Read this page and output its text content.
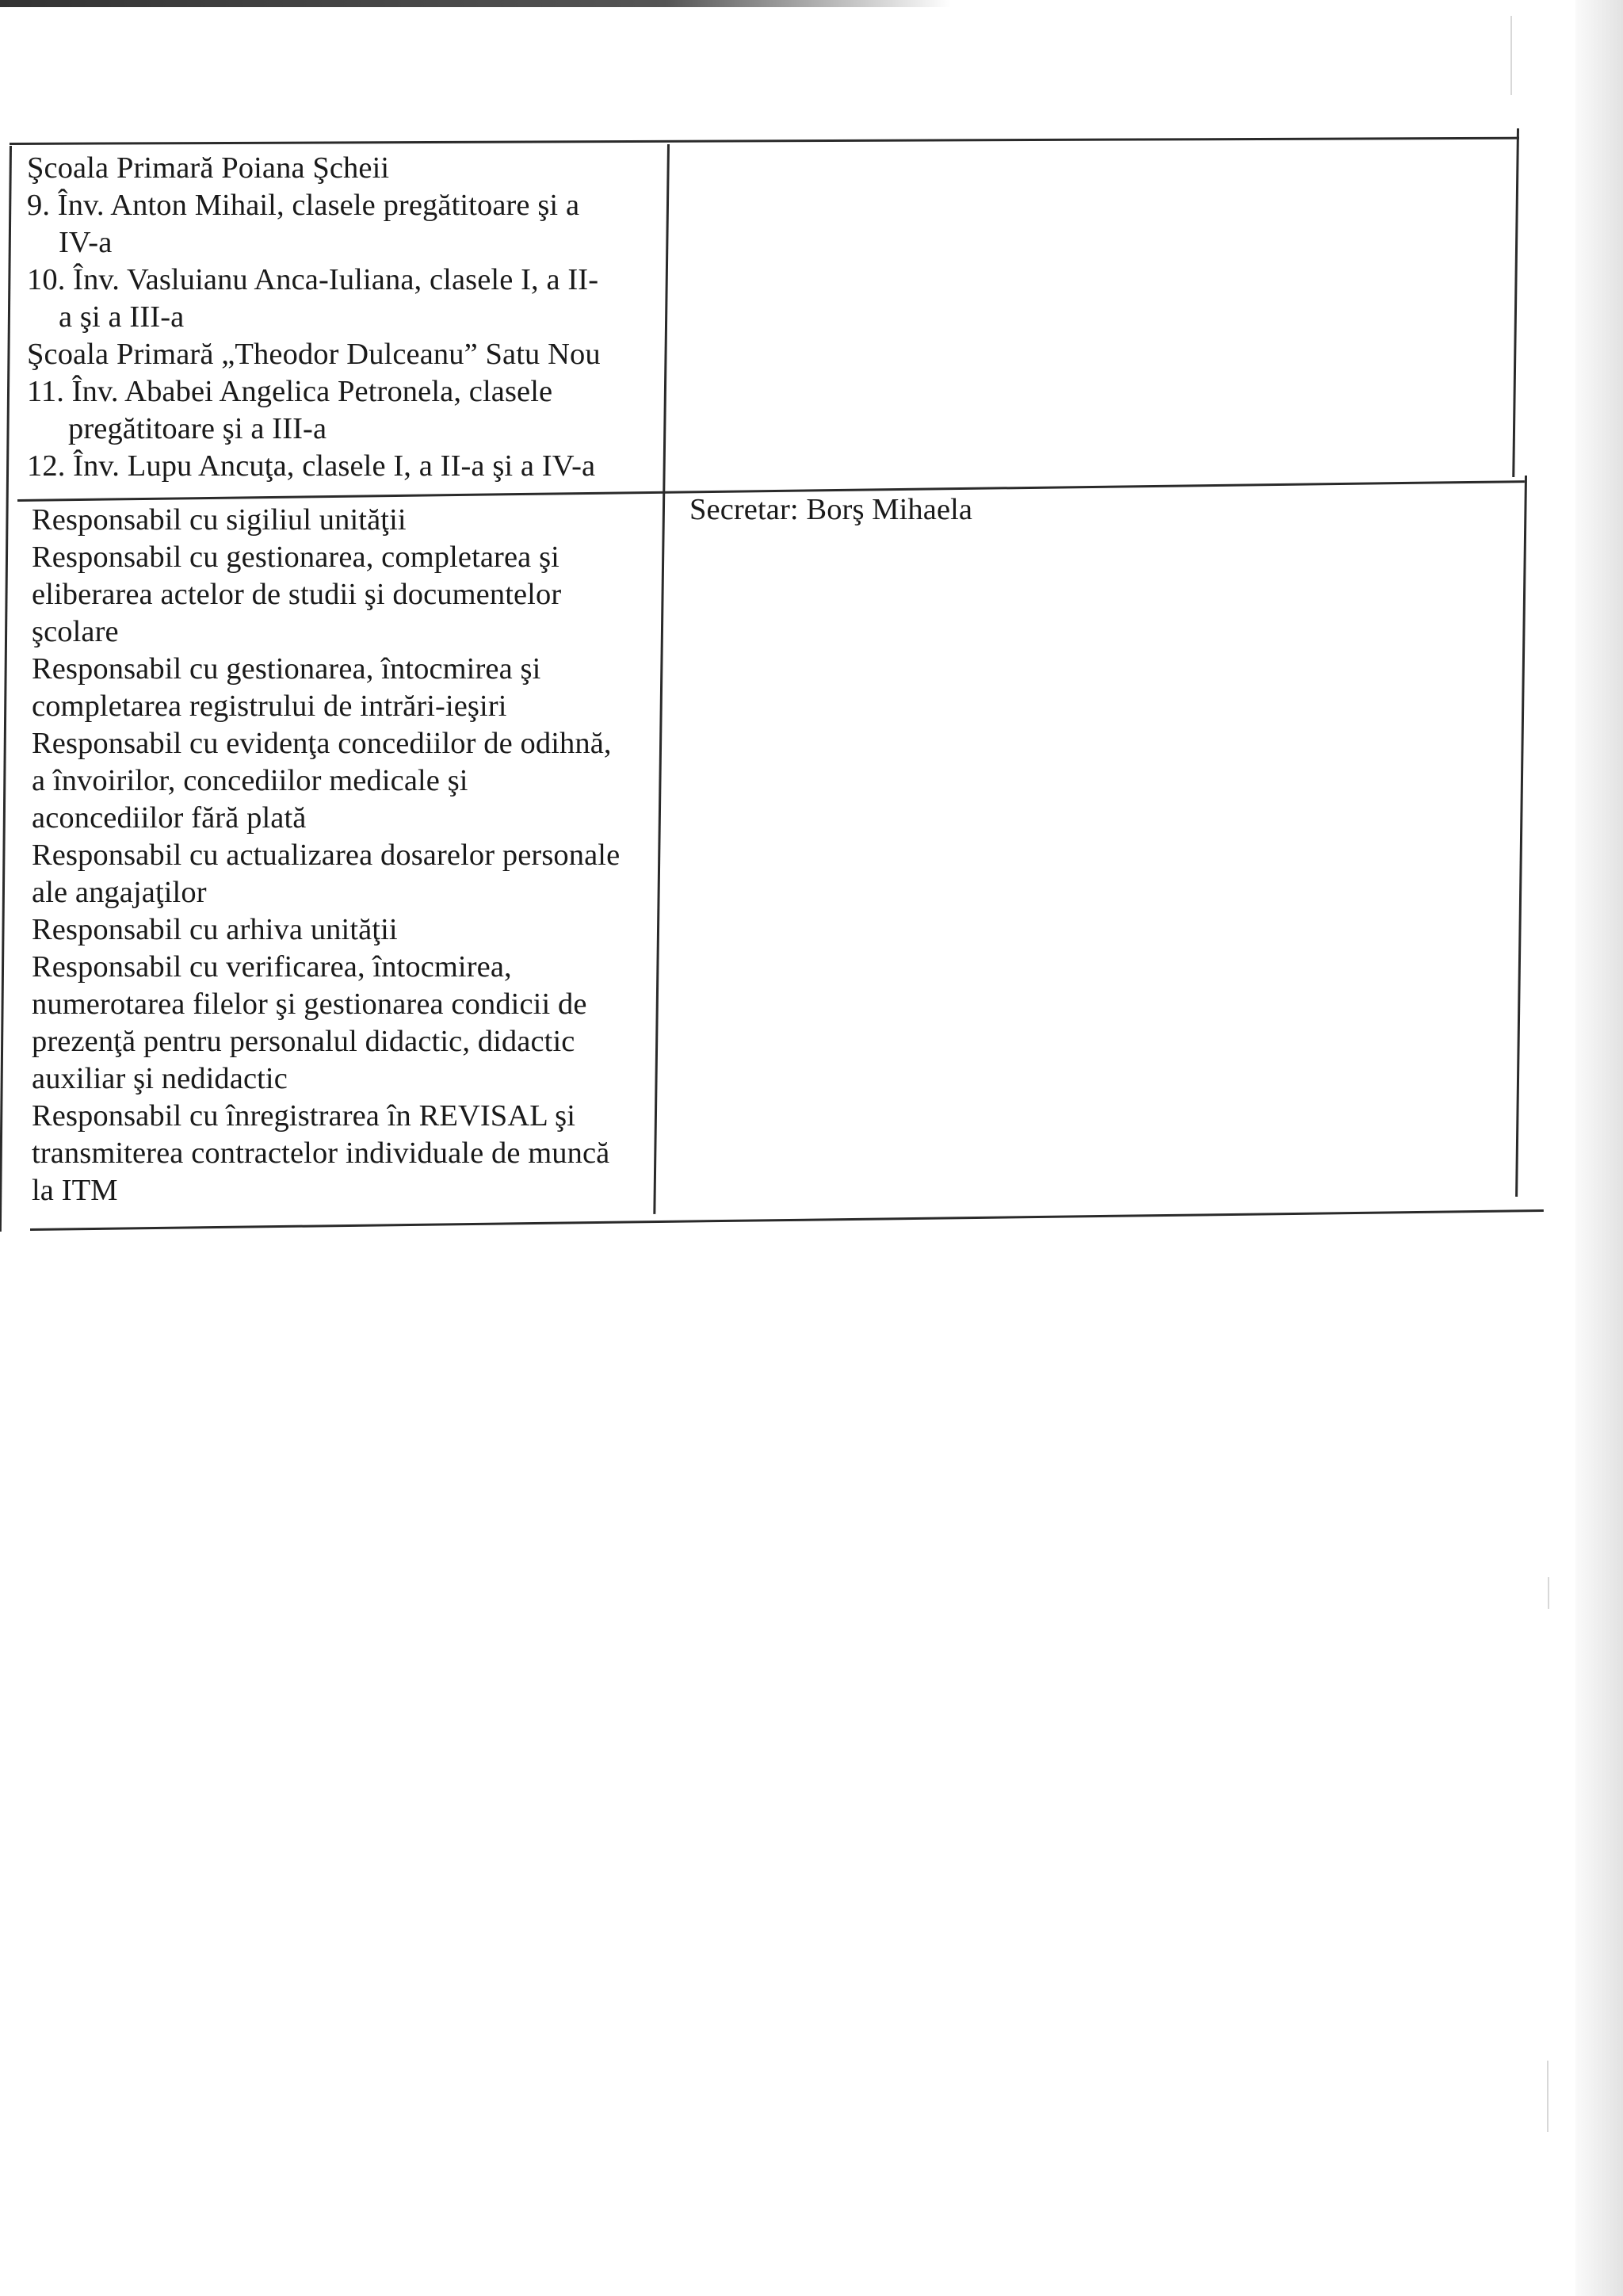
Şcoala Primară Poiana Şcheii
9. Înv. Anton Mihail, clasele pregătitoare şi a
IV-a
10. Înv. Vasluianu Anca-Iuliana, clasele I, a II-
a şi a III-a
Şcoala Primară „Theodor Dulceanu” Satu Nou
11. Înv. Ababei Angelica Petronela, clasele
pregătitoare şi a III-a
12. Înv. Lupu Ancuţa, clasele I, a II-a şi a IV-a
Responsabil cu sigiliul unităţii
Responsabil cu gestionarea, completarea şi
eliberarea actelor de studii şi documentelor
şcolare
Responsabil cu gestionarea, întocmirea şi
completarea registrului de intrări-ieşiri
Responsabil cu evidenţa concediilor de odihnă,
a învoirilor, concediilor medicale şi
aconcediilor fără plată
Responsabil cu actualizarea dosarelor personale
ale angajaţilor
Responsabil cu arhiva unităţii
Responsabil cu verificarea, întocmirea,
numerotarea filelor şi gestionarea condicii de
prezenţă pentru personalul didactic, didactic
auxiliar şi nedidactic
Responsabil cu înregistrarea în REVISAL şi
transmiterea contractelor individuale de muncă
la ITM
Secretar: Borş Mihaela
